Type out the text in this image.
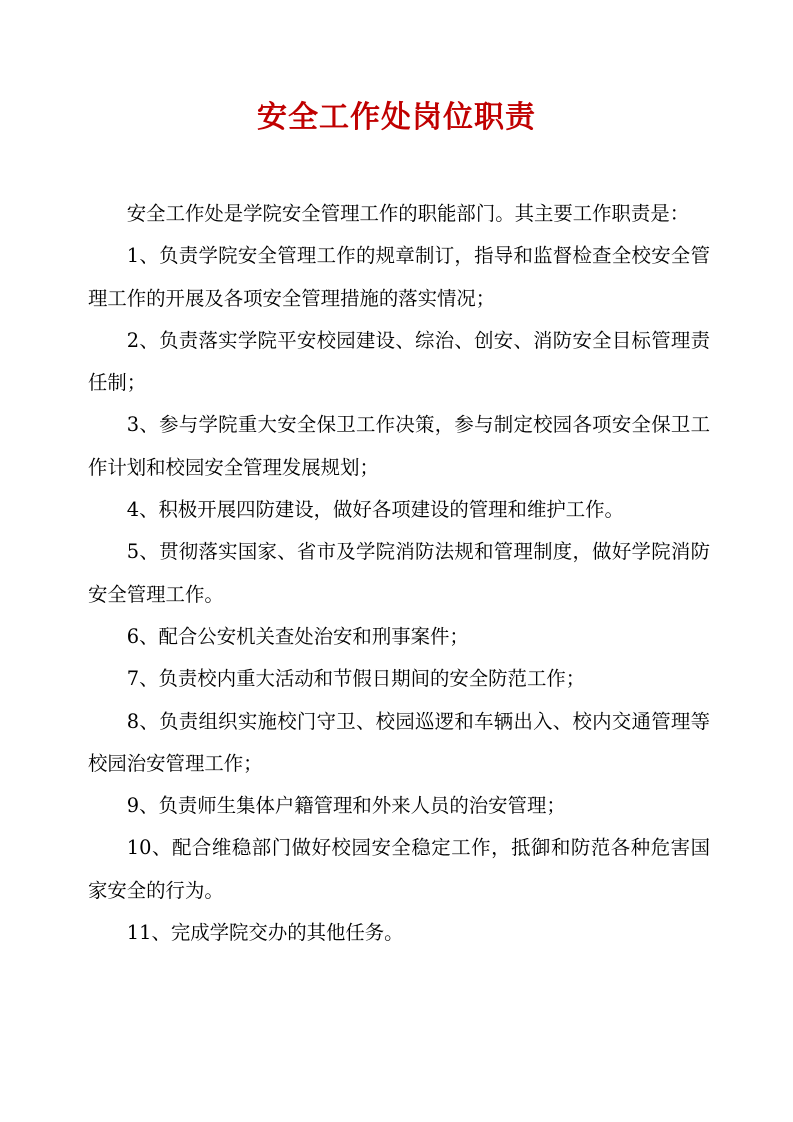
安全工作处岗位职责

安全工作处是学院安全管理工作的职能部门。其主要工作职责是：

1、负责学院安全管理工作的规章制订，指导和监督检查全校安全管理工作的开展及各项安全管理措施的落实情况；

2、负责落实学院平安校园建设、综治、创安、消防安全目标管理责任制；

3、参与学院重大安全保卫工作决策，参与制定校园各项安全保卫工作计划和校园安全管理发展规划；

4、积极开展四防建设，做好各项建设的管理和维护工作。

5、贯彻落实国家、省市及学院消防法规和管理制度，做好学院消防安全管理工作。

6、配合公安机关查处治安和刑事案件；

7、负责校内重大活动和节假日期间的安全防范工作；

8、负责组织实施校门守卫、校园巡逻和车辆出入、校内交通管理等校园治安管理工作；

9、负责师生集体户籍管理和外来人员的治安管理；

10、配合维稳部门做好校园安全稳定工作，抵御和防范各种危害国家安全的行为。

11、完成学院交办的其他任务。
